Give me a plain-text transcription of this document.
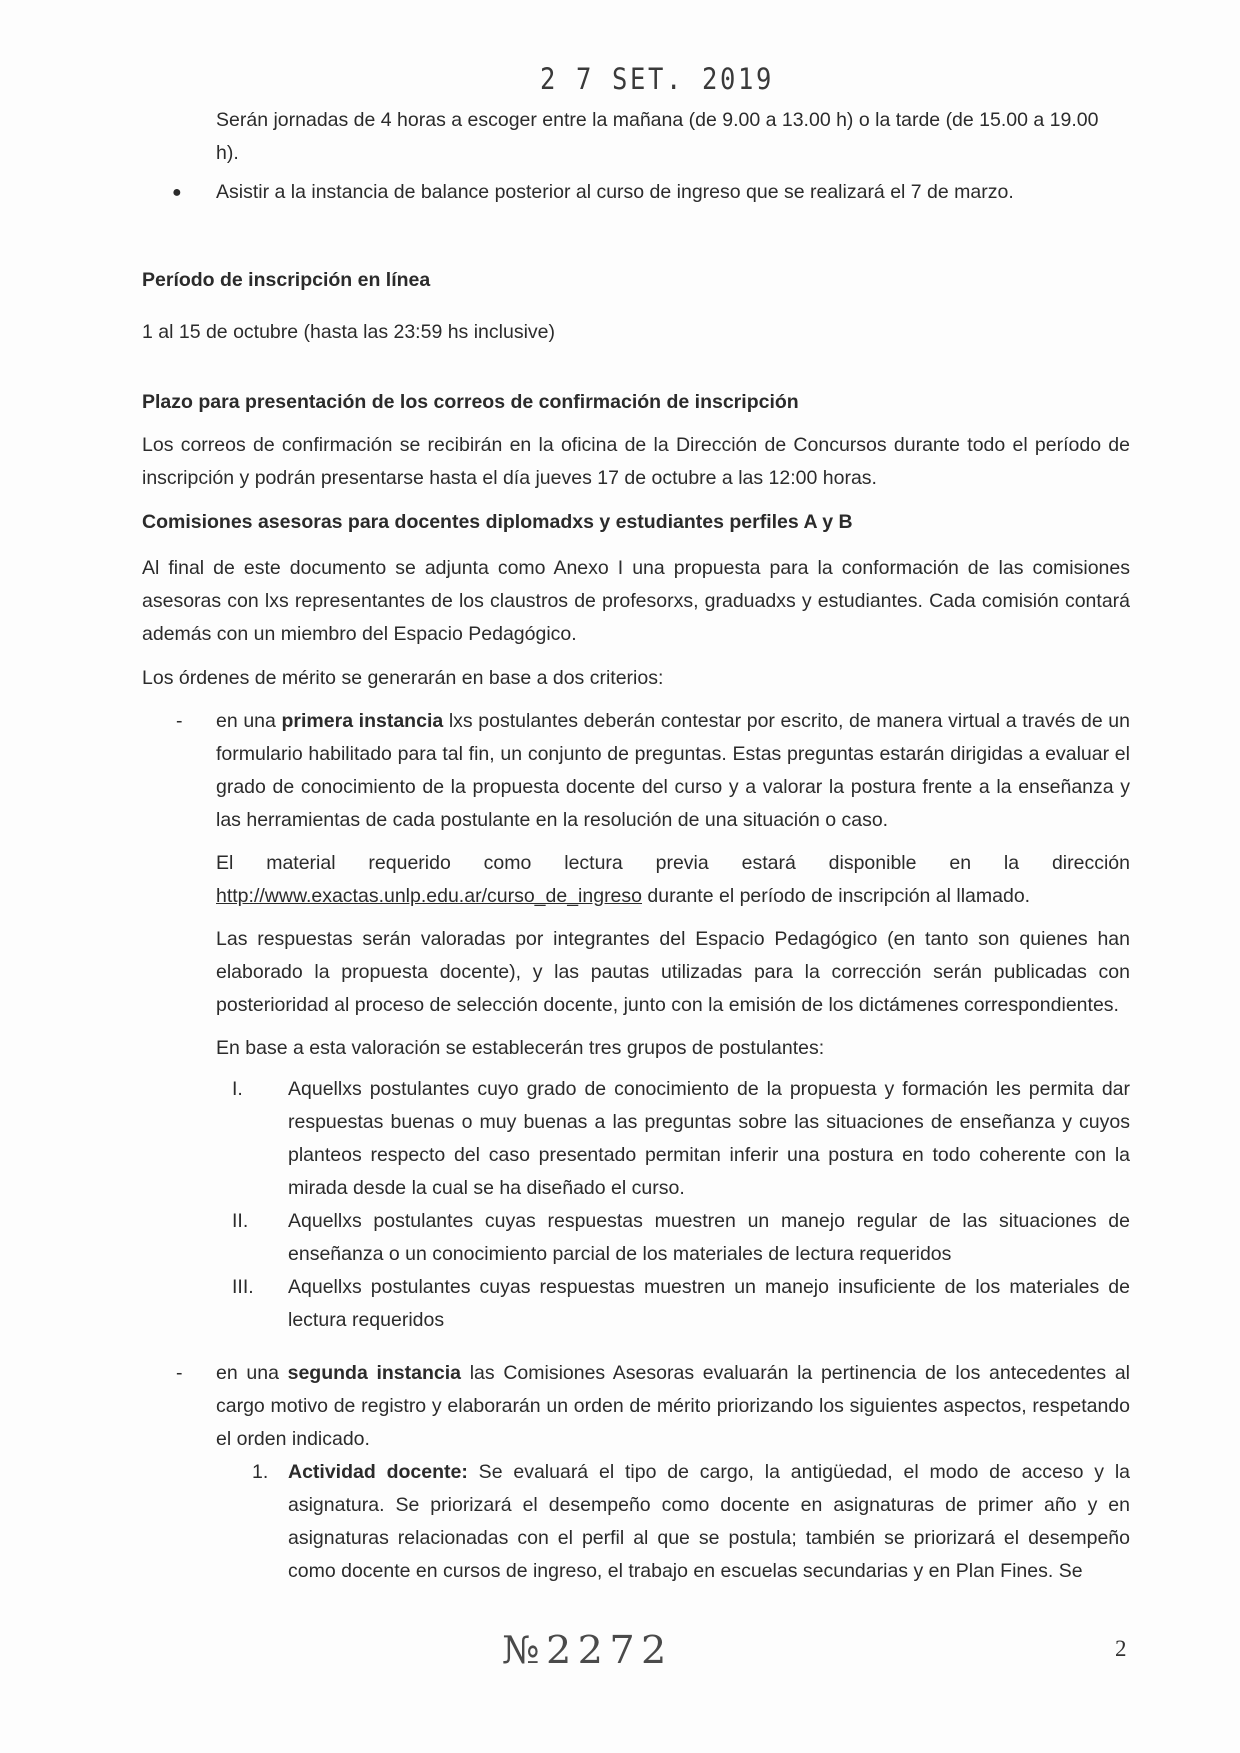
2 7 SET. 2019

Serán jornadas de 4 horas a escoger entre la mañana (de 9.00 a 13.00 h) o la tarde (de 15.00 a 19.00
h).

●	Asistir a la instancia de balance posterior al curso de ingreso que se realizará el 7 de marzo.

Período de inscripción en línea

1 al 15 de octubre (hasta las 23:59 hs inclusive)

Plazo para presentación de los correos de confirmación de inscripción

Los correos de confirmación se recibirán en la oficina de la Dirección de Concursos durante todo el período de inscripción y podrán presentarse hasta el día jueves 17 de octubre a las 12:00 horas.

Comisiones asesoras para docentes diplomadxs y estudiantes perfiles A y B

Al final de este documento se adjunta como Anexo I una propuesta para la conformación de las comisiones asesoras con lxs representantes de los claustros de profesorxs, graduadxs y estudiantes. Cada comisión contará además con un miembro del Espacio Pedagógico.

Los órdenes de mérito se generarán en base a dos criterios:

-	en una primera instancia lxs postulantes deberán contestar por escrito, de manera virtual a través de un formulario habilitado para tal fin, un conjunto de preguntas. Estas preguntas estarán dirigidas a evaluar el grado de conocimiento de la propuesta docente del curso y a valorar la postura frente a la enseñanza y las herramientas de cada postulante en la resolución de una situación o caso.

El material requerido como lectura previa estará disponible en la dirección http://www.exactas.unlp.edu.ar/curso_de_ingreso durante el período de inscripción al llamado.

Las respuestas serán valoradas por integrantes del Espacio Pedagógico (en tanto son quienes han elaborado la propuesta docente), y las pautas utilizadas para la corrección serán publicadas con posterioridad al proceso de selección docente, junto con la emisión de los dictámenes correspondientes.

En base a esta valoración se establecerán tres grupos de postulantes:

I.	Aquellxs postulantes cuyo grado de conocimiento de la propuesta y formación les permita dar respuestas buenas o muy buenas a las preguntas sobre las situaciones de enseñanza y cuyos planteos respecto del caso presentado permitan inferir una postura en todo coherente con la mirada desde la cual se ha diseñado el curso.
II.	Aquellxs postulantes cuyas respuestas muestren un manejo regular de las situaciones de enseñanza o un conocimiento parcial de los materiales de lectura requeridos
III.	Aquellxs postulantes cuyas respuestas muestren un manejo insuficiente de los materiales de lectura requeridos
-	en una segunda instancia las Comisiones Asesoras evaluarán la pertinencia de los antecedentes al cargo motivo de registro y elaborarán un orden de mérito priorizando los siguientes aspectos, respetando el orden indicado.

1.	Actividad docente: Se evaluará el tipo de cargo, la antigüedad, el modo de acceso y la asignatura. Se priorizará el desempeño como docente en asignaturas de primer año y en asignaturas relacionadas con el perfil al que se postula; también se priorizará el desempeño como docente en cursos de ingreso, el trabajo en escuelas secundarias y en Plan Fines. Se
№2272	2
